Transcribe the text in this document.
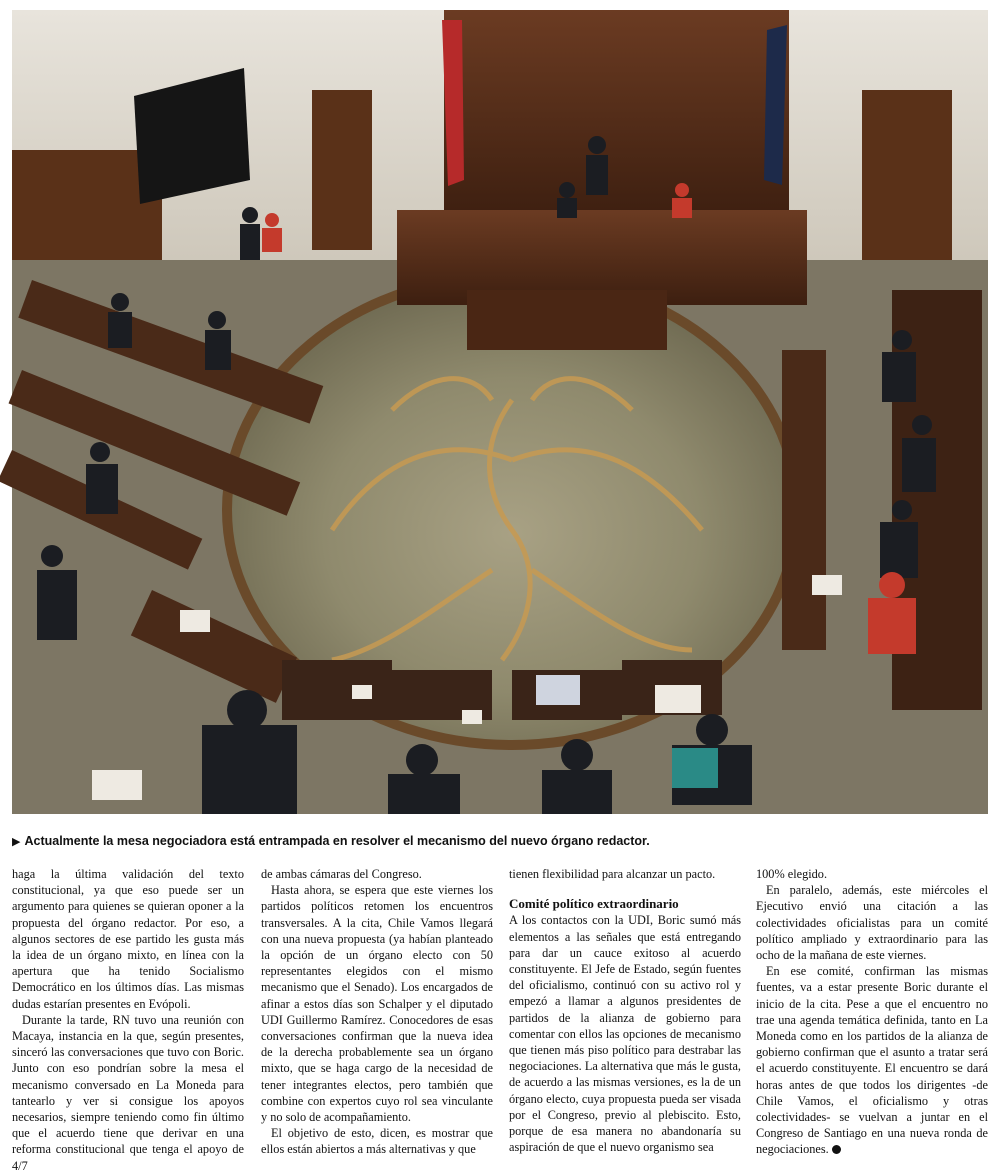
▶ Actualmente la mesa negociadora está entrampada en resolver el mecanismo del nuevo órgano redactor.

haga la última validación del texto constitucional, ya que eso puede ser un argumento para quienes se quieran oponer a la propuesta del órgano redactor. Por eso, a algunos sectores de ese partido les gusta más la idea de un órgano mixto, en línea con la apertura que ha tenido Socialismo Democrático en los últimos días. Las mismas dudas estarían presentes en Evópoli.

Durante la tarde, RN tuvo una reunión con Macaya, instancia en la que, según presentes, sinceró las conversaciones que tuvo con Boric. Junto con eso pondrían sobre la mesa el mecanismo conversado en La Moneda para tantearlo y ver si consigue los apoyos necesarios, siempre teniendo como fin último que el acuerdo tiene que derivar en una reforma constitucional que tenga el apoyo de 4/7

de ambas cámaras del Congreso.

Hasta ahora, se espera que este viernes los partidos políticos retomen los encuentros transversales. A la cita, Chile Vamos llegará con una nueva propuesta (ya habían planteado la opción de un órgano electo con 50 representantes elegidos con el mismo mecanismo que el Senado). Los encargados de afinar a estos días son Schalper y el diputado UDI Guillermo Ramírez. Conocedores de esas conversaciones confirman que la nueva idea de la derecha probablemente sea un órgano mixto, que se haga cargo de la necesidad de tener integrantes electos, pero también que combine con expertos cuyo rol sea vinculante y no solo de acompañamiento.

El objetivo de esto, dicen, es mostrar que ellos están abiertos a más alternativas y que

tienen flexibilidad para alcanzar un pacto.

Comité político extraordinario

A los contactos con la UDI, Boric sumó más elementos a las señales que está entregando para dar un cauce exitoso al acuerdo constituyente. El Jefe de Estado, según fuentes del oficialismo, continuó con su activo rol y empezó a llamar a algunos presidentes de partidos de la alianza de gobierno para comentar con ellos las opciones de mecanismo que tienen más piso político para destrabar las negociaciones. La alternativa que más le gusta, de acuerdo a las mismas versiones, es la de un órgano electo, cuya propuesta pueda ser visada por el Congreso, previo al plebiscito. Esto, porque de esa manera no abandonaría su aspiración de que el nuevo organismo sea

100% elegido.

En paralelo, además, este miércoles el Ejecutivo envió una citación a las colectividades oficialistas para un comité político ampliado y extraordinario para las ocho de la mañana de este viernes.

En ese comité, confirman las mismas fuentes, va a estar presente Boric durante el inicio de la cita. Pese a que el encuentro no trae una agenda temática definida, tanto en La Moneda como en los partidos de la alianza de gobierno confirman que el asunto a tratar será el acuerdo constituyente. El encuentro se dará horas antes de que todos los dirigentes -de Chile Vamos, el oficialismo y otras colectividades- se vuelvan a juntar en el Congreso de Santiago en una nueva ronda de negociaciones.
